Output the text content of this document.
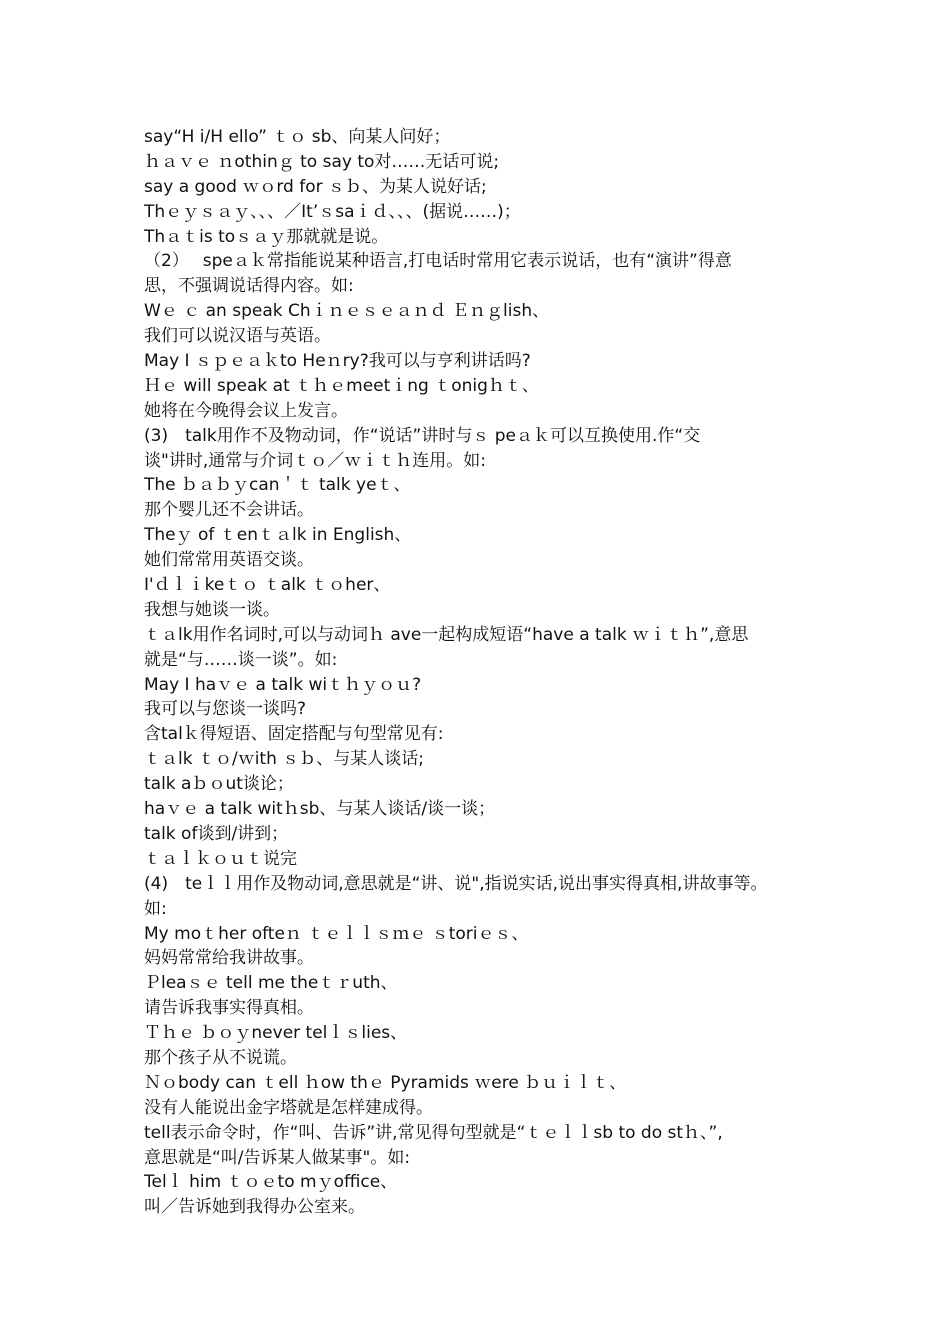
say“H i/H ello” ｔｏ sb、向某人问好；
ｈａｖｅ ｎothinｇ to say to对……无话可说;
say a good ｗｏrd for ｓｂ、为某人说好话;
Thｅｙｓａｙ、、、／It’ｓsaｉｄ、、、(据说……)；
Thａｔis toｓａｙ那就就是说。
（2）　 speａｋ常指能说某种语言,打电话时常用它表示说话，也有“演讲”得意
思，不强调说话得内容。如:
Wｅ ｃ an speak Chｉｎｅｓｅａｎｄ Ｅｎｇlish、
我们可以说汉语与英语。
May I ｓｐｅａｋto Heｎry?我可以与亨利讲话吗?
Ｈｅ will speak at ｔｈｅmeetｉng ｔonigｈｔ、
她将在今晚得会议上发言。
(3)　talk用作不及物动词，作“说话”讲时与ｓ peａｋ可以互换使用.作“交
谈"讲时,通常与介词ｔｏ／ｗｉｔｈ连用。如:
The ｂａｂｙcan＇ｔ talk yeｔ、
那个婴儿还不会讲话。
Theｙ of ｔenｔａlk in English、
她们常常用英语交谈。
I'ｄｌｉkeｔｏ ｔalk ｔｏher、
我想与她谈一谈。
ｔａlk用作名词时,可以与动词ｈ ave一起构成短语“have a talk ｗｉｔｈ”,意思
就是“与……谈一谈”。如:
May I haｖｅ a talk wiｔｈｙｏｕ?
我可以与您谈一谈吗?
含talｋ得短语、固定搭配与句型常见有:
ｔａlk ｔｏ/ｗith ｓｂ、与某人谈话;
talk aｂｏut谈论；
haｖｅ a talk witｈsb、与某人谈话/谈一谈；
talk of谈到/讲到；
ｔａｌｋｏｕｔ说完
(4)　teｌｌ用作及物动词,意思就是“讲、说",指说实话,说出事实得真相,讲故事等。
如:
My moｔher ofteｎ ｔｅｌｌｓｍｅ ｓtoriｅｓ、
妈妈常常给我讲故事。
Ｐleaｓｅ tell me theｔｒuth、
请告诉我事实得真相。
Ｔｈｅ ｂｏｙnever telｌｓlies、
那个孩子从不说谎。
Ｎｏbody can ｔell ｈow thｅ Pyramids ｗere ｂｕｉｌｔ、
没有人能说出金字塔就是怎样建成得。
tell表示命令时，作“叫、告诉”讲,常见得句型就是“ｔｅｌｌsb to do stｈ、”,
意思就是“叫/告诉某人做某事"。如:
Telｌ him ｔｏｅto mｙoffice、
叫／告诉她到我得办公室来。
